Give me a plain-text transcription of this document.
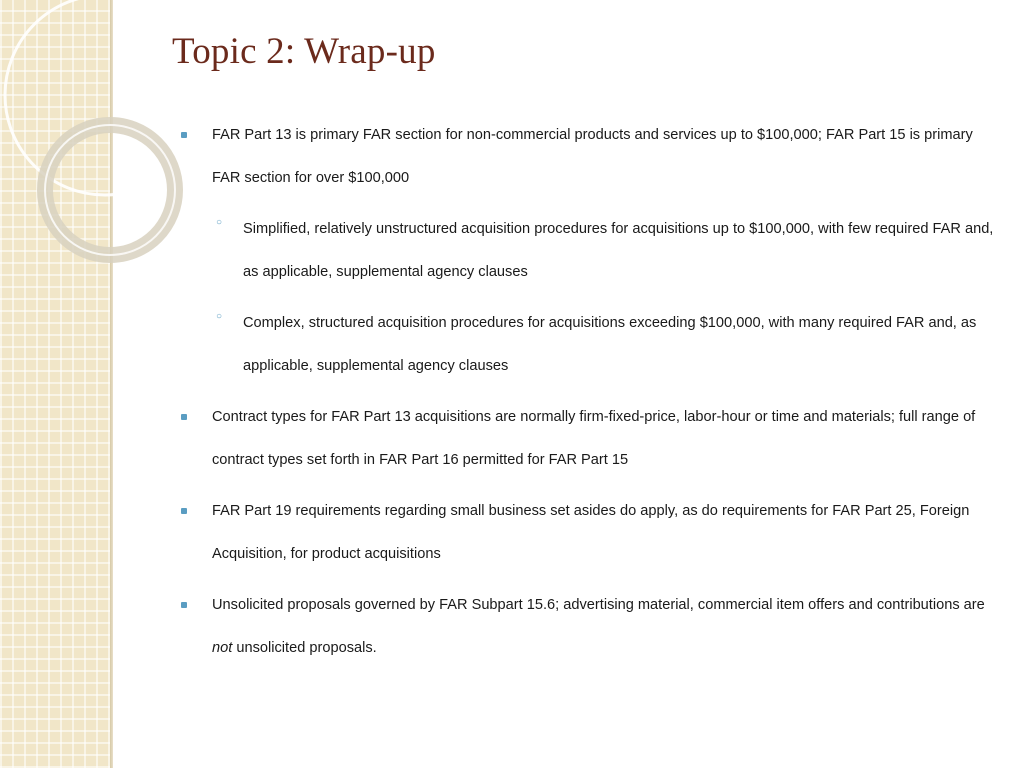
Topic 2: Wrap-up
FAR Part 13 is primary FAR section for non-commercial products and services up to $100,000; FAR Part 15 is primary FAR section for over $100,000
○ Simplified, relatively unstructured acquisition procedures for acquisitions up to $100,000, with few required FAR and, as applicable, supplemental agency clauses
○ Complex, structured acquisition procedures for acquisitions exceeding $100,000, with many required FAR and, as applicable, supplemental agency clauses
Contract types for FAR Part 13 acquisitions are normally firm-fixed-price, labor-hour or time and materials; full range of contract types set forth in FAR Part 16 permitted for FAR Part 15
FAR Part 19 requirements regarding small business set asides do apply, as do requirements for FAR Part 25, Foreign Acquisition, for product acquisitions
Unsolicited proposals governed by FAR Subpart 15.6; advertising material, commercial item offers and contributions are not unsolicited proposals.
